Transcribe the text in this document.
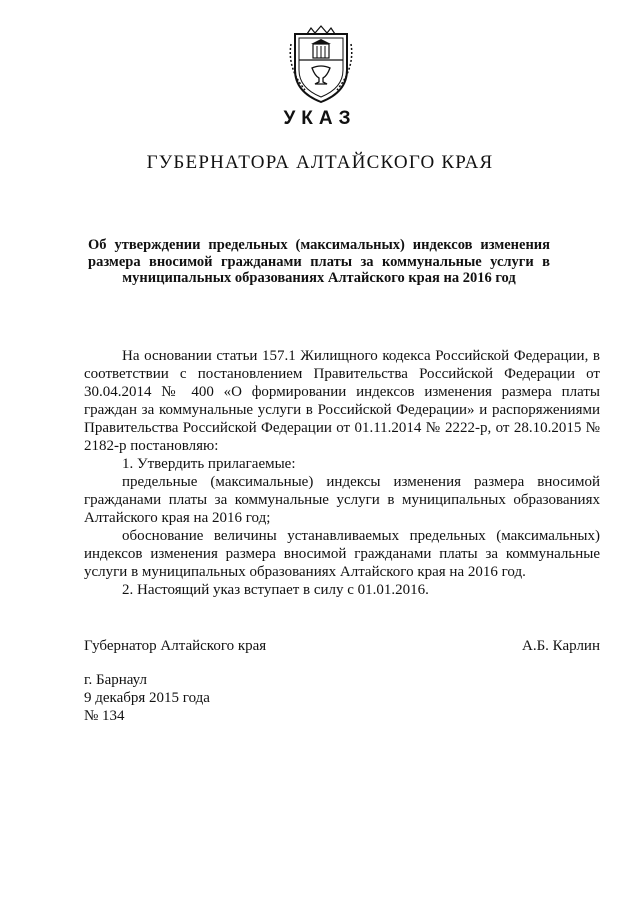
УКАЗ
ГУБЕРНАТОРА АЛТАЙСКОГО КРАЯ
Об утверждении предельных (максимальных) индексов изменения размера вносимой гражданами платы за коммунальные услуги в муниципальных образованиях Алтайского края на 2016 год

На основании статьи 157.1 Жилищного кодекса Российской Федерации, в соответствии с постановлением Правительства Российской Федерации от 30.04.2014 № 400 «О формировании индексов изменения размера платы граждан за коммунальные услуги в Российской Федерации» и распоряжениями Правительства Российской Федерации от 01.11.2014 № 2222-р, от 28.10.2015 № 2182-р постановляю:

1. Утвердить прилагаемые:

предельные (максимальные) индексы изменения размера вносимой гражданами платы за коммунальные услуги в муниципальных образованиях Алтайского края на 2016 год;

обоснование величины устанавливаемых предельных (максимальных) индексов изменения размера вносимой гражданами платы за коммунальные услуги в муниципальных образованиях Алтайского края на 2016 год.

2. Настоящий указ вступает в силу с 01.01.2016.

Губернатор Алтайского края	А.Б. Карлин
г. Барнаул
9 декабря 2015 года
№ 134
